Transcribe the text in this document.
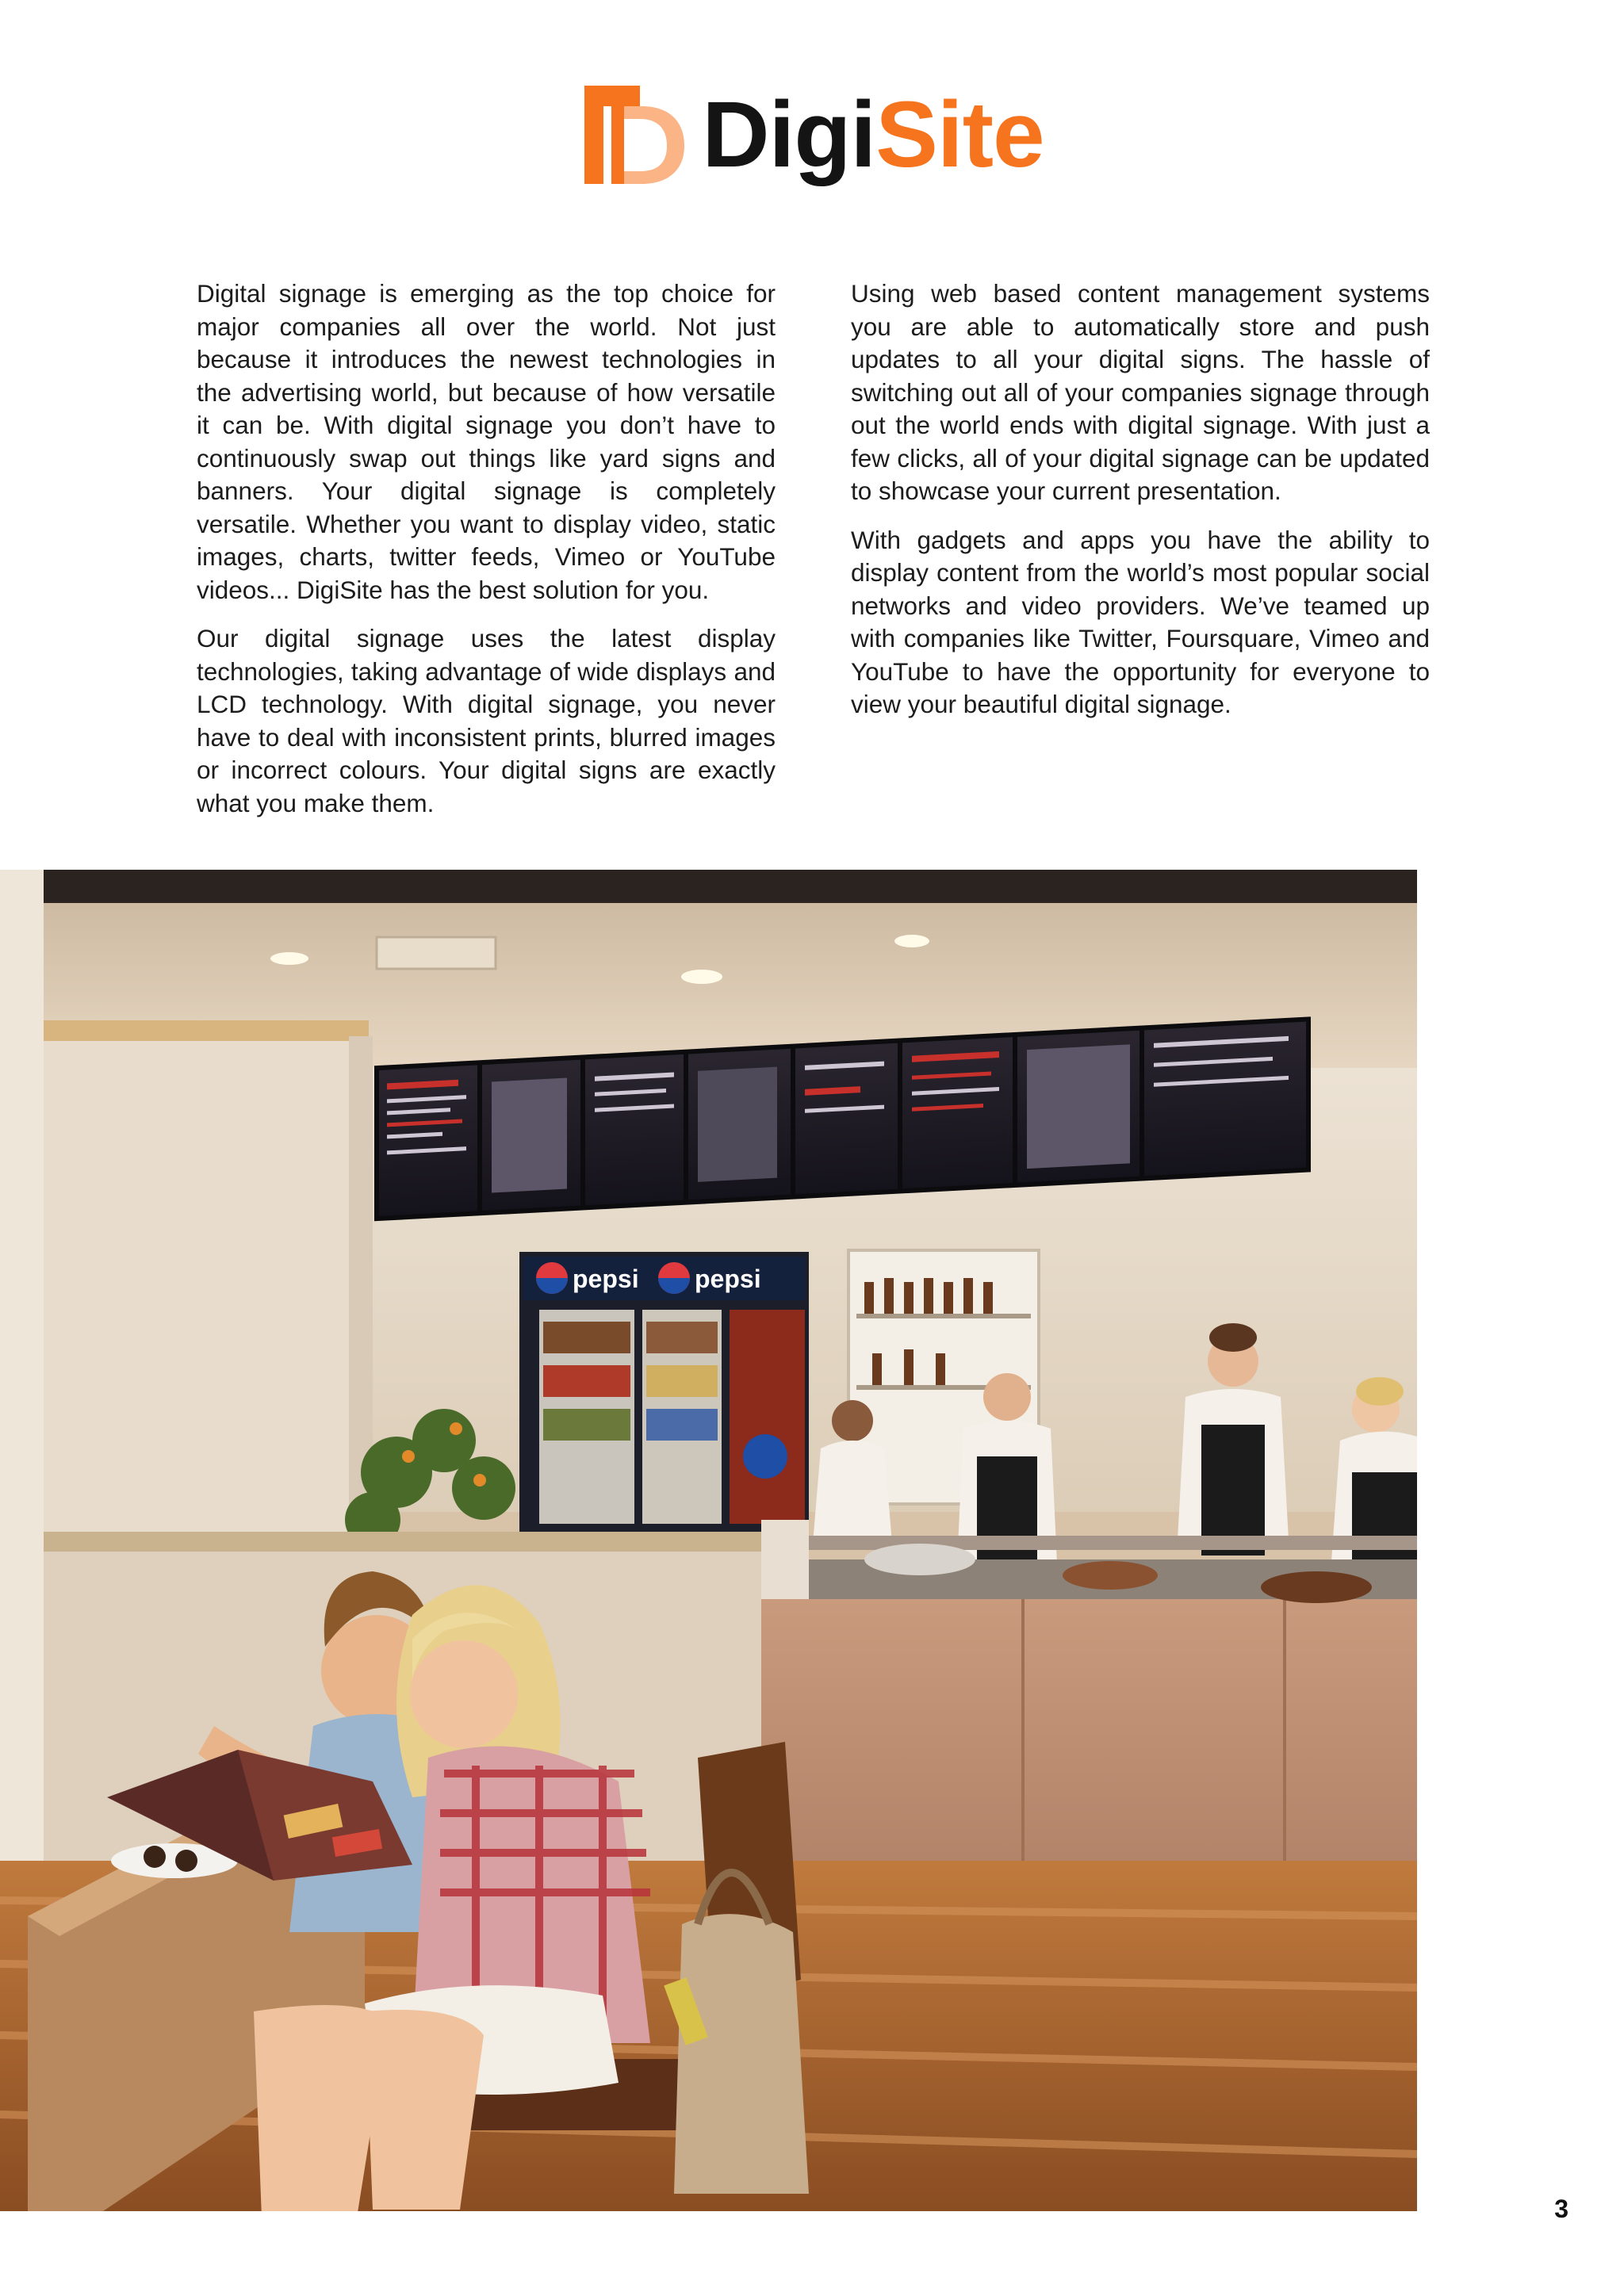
DigiSite

Digital signage is emerging as the top choice for major companies all over the world. Not just because it introduces the newest technologies in the advertising world, but because of how versatile it can be. With digital signage you don’t have to continuously swap out things like yard signs and banners. Your digital signage is completely versatile. Whether you want to display video, static images, charts, twitter feeds, Vimeo or YouTube videos... DigiSite has the best solution for you.

Our digital signage uses the latest display technologies, taking advantage of wide displays and LCD technology. With digital signage, you never have to deal with inconsistent prints, blurred images or incorrect colours. Your digital signs are exactly what you make them.

Using web based content management systems you are able to automatically store and push updates to all your digital signs. The hassle of switching out all of your companies signage through out the world ends with digital signage. With just a few clicks, all of your digital signage can be updated to showcase your current presentation.

With gadgets and apps you have the ability to display content from the world’s most popular social networks and video providers. We’ve teamed up with companies like Twitter, Foursquare, Vimeo and YouTube to have the opportunity for everyone to view your beautiful digital signage.

pepsi pepsi
3
